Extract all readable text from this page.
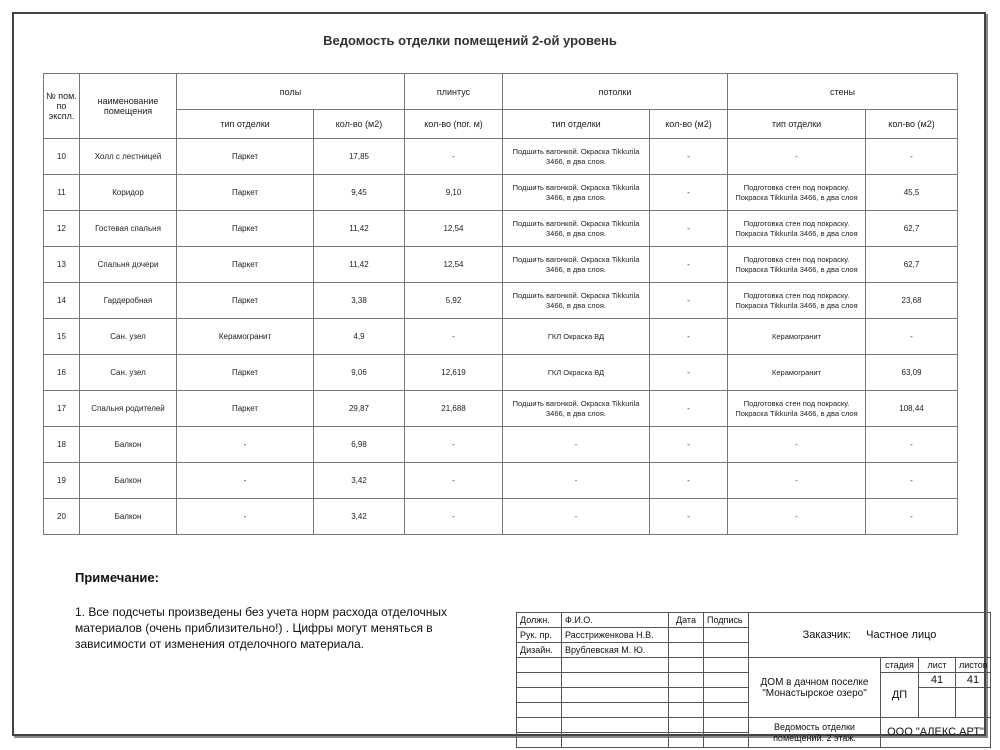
Ведомость отделки помещений 2-ой уровень
№ пом. по экспл.	наименование помещения	полы		плинтус	потолки		стены	
		тип отделки	кол-во (м2)	кол-во (пог. м)	тип отделки	кол-во (м2)	тип отделки	кол-во (м2)
10	Холл с лестницей	Паркет	17,85	-	Подшить вагонкой. Окраска Tikkurila 3466, в два слоя.	-	-	-
11	Коридор	Паркет	9,45	9,10	Подшить вагонкой. Окраска Tikkurila 3466, в два слоя.	-	Подготовка стен под покраску. Покраска Tikkurila 3466, в два слоя	45,5
12	Гостевая спальня	Паркет	11,42	12,54	Подшить вагонкой. Окраска Tikkurila 3466, в два слоя.	-	Подготовка стен под покраску. Покраска Tikkurila 3466, в два слоя	62,7
13	Спальня дочери	Паркет	11,42	12,54	Подшить вагонкой. Окраска Tikkurila 3466, в два слоя.	-	Подготовка стен под покраску. Покраска Tikkurila 3466, в два слоя	62,7
14	Гардеробная	Паркет	3,38	5,92	Подшить вагонкой. Окраска Tikkurila 3466, в два слоя.	-	Подготовка стен под покраску. Покраска Tikkurila 3466, в два слоя	23,68
15	Сан. узел	Керамогранит	4,9	-	ГКЛ Окраска ВД	-	Керамогранит	-
16	Сан. узел	Паркет	9,06	12,619	ГКЛ Окраска ВД	-	Керамогранит	63,09
17	Спальня родителей	Паркет	29,87	21,688	Подшить вагонкой. Окраска Tikkurila 3466, в два слоя.	-	Подготовка стен под покраску. Покраска Tikkurila 3466, в два слоя	108,44
18	Балкон	-	6,98	-	-	-	-	-
19	Балкон	-	3,42	-	-	-	-	-
20	Балкон	-	3,42	-	-	-	-	-
Примечание:
1. Все подсчеты произведены без учета норм расхода отделочных материалов (очень приблизительно!) . Цифры могут меняться в зависимости от изменения отделочного материала.
Должн.	Ф.И.О.	Дата	Подпись	Заказчик: Частное лицо			
Рук. пр.	Расстриженкова Н.В.						
Дизайн.	Врублевская М. Ю.						
				ДОМ в дачном поселке "Монастырское озеро"	стадия	лист	листов
					ДП	41	41

				Ведомость отделки помещений. 2 этаж.	ООО "АЛЕКС.АРТ"		
